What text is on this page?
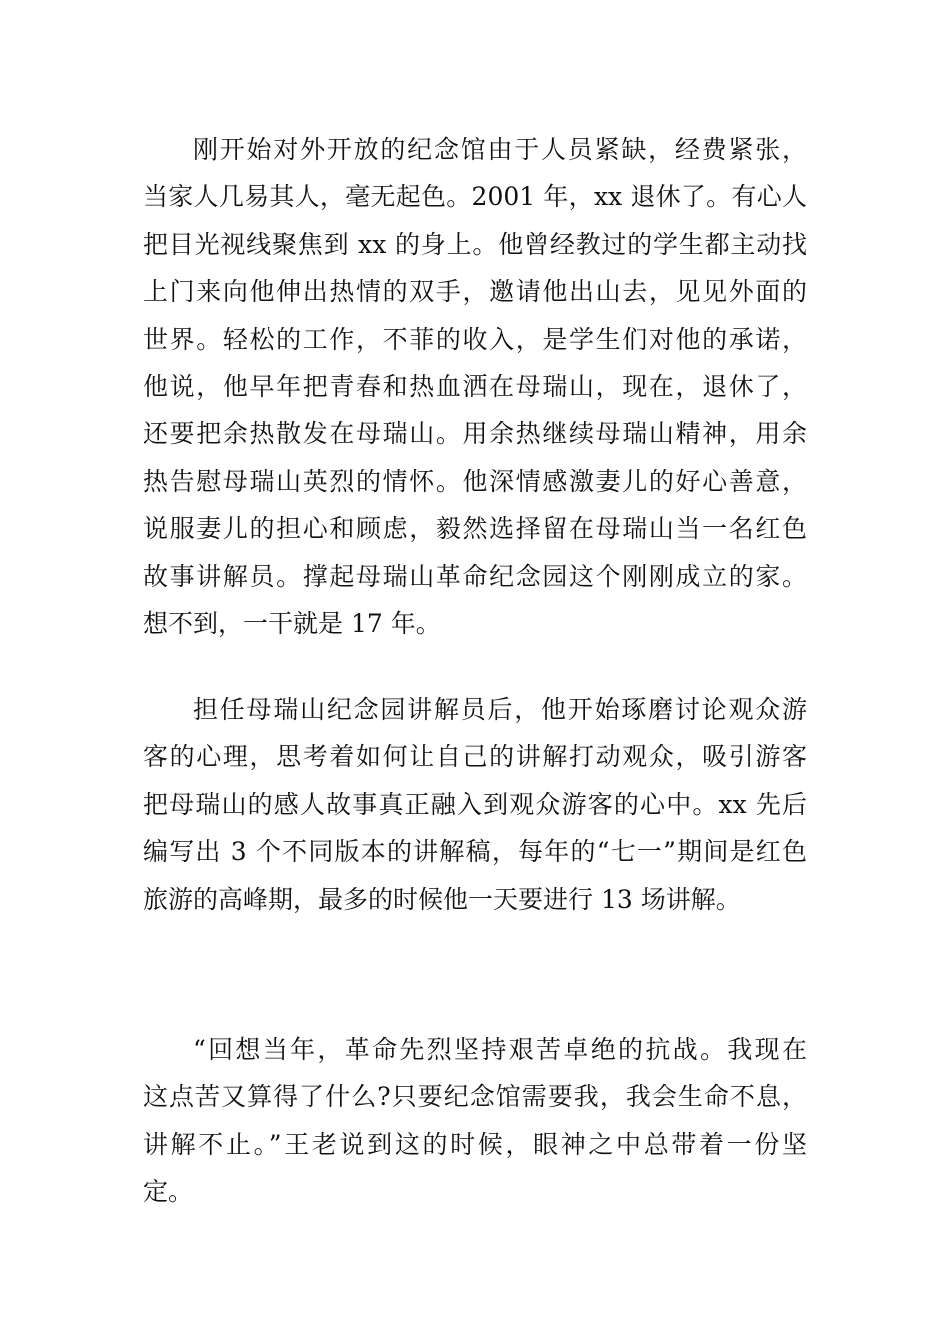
刚开始对外开放的纪念馆由于人员紧缺，经费紧张，
当家人几易其人，毫无起色。2001 年，xx 退休了。有心人
把目光视线聚焦到 xx 的身上。他曾经教过的学生都主动找
上门来向他伸出热情的双手，邀请他出山去，见见外面的
世界。轻松的工作，不菲的收入，是学生们对他的承诺，
他说，他早年把青春和热血洒在母瑞山，现在，退休了，
还要把余热散发在母瑞山。用余热继续母瑞山精神，用余
热告慰母瑞山英烈的情怀。他深情感激妻儿的好心善意，
说服妻儿的担心和顾虑，毅然选择留在母瑞山当一名红色
故事讲解员。撑起母瑞山革命纪念园这个刚刚成立的家。
想不到，一干就是 17 年。
担任母瑞山纪念园讲解员后，他开始琢磨讨论观众游
客的心理，思考着如何让自己的讲解打动观众，吸引游客
把母瑞山的感人故事真正融入到观众游客的心中。xx 先后
编写出 3 个不同版本的讲解稿，每年的“七一”期间是红色
旅游的高峰期，最多的时候他一天要进行 13 场讲解。
“回想当年，革命先烈坚持艰苦卓绝的抗战。我现在
这点苦又算得了什么?只要纪念馆需要我，我会生命不息，
讲解不止。”王老说到这的时候，眼神之中总带着一份坚
定。
